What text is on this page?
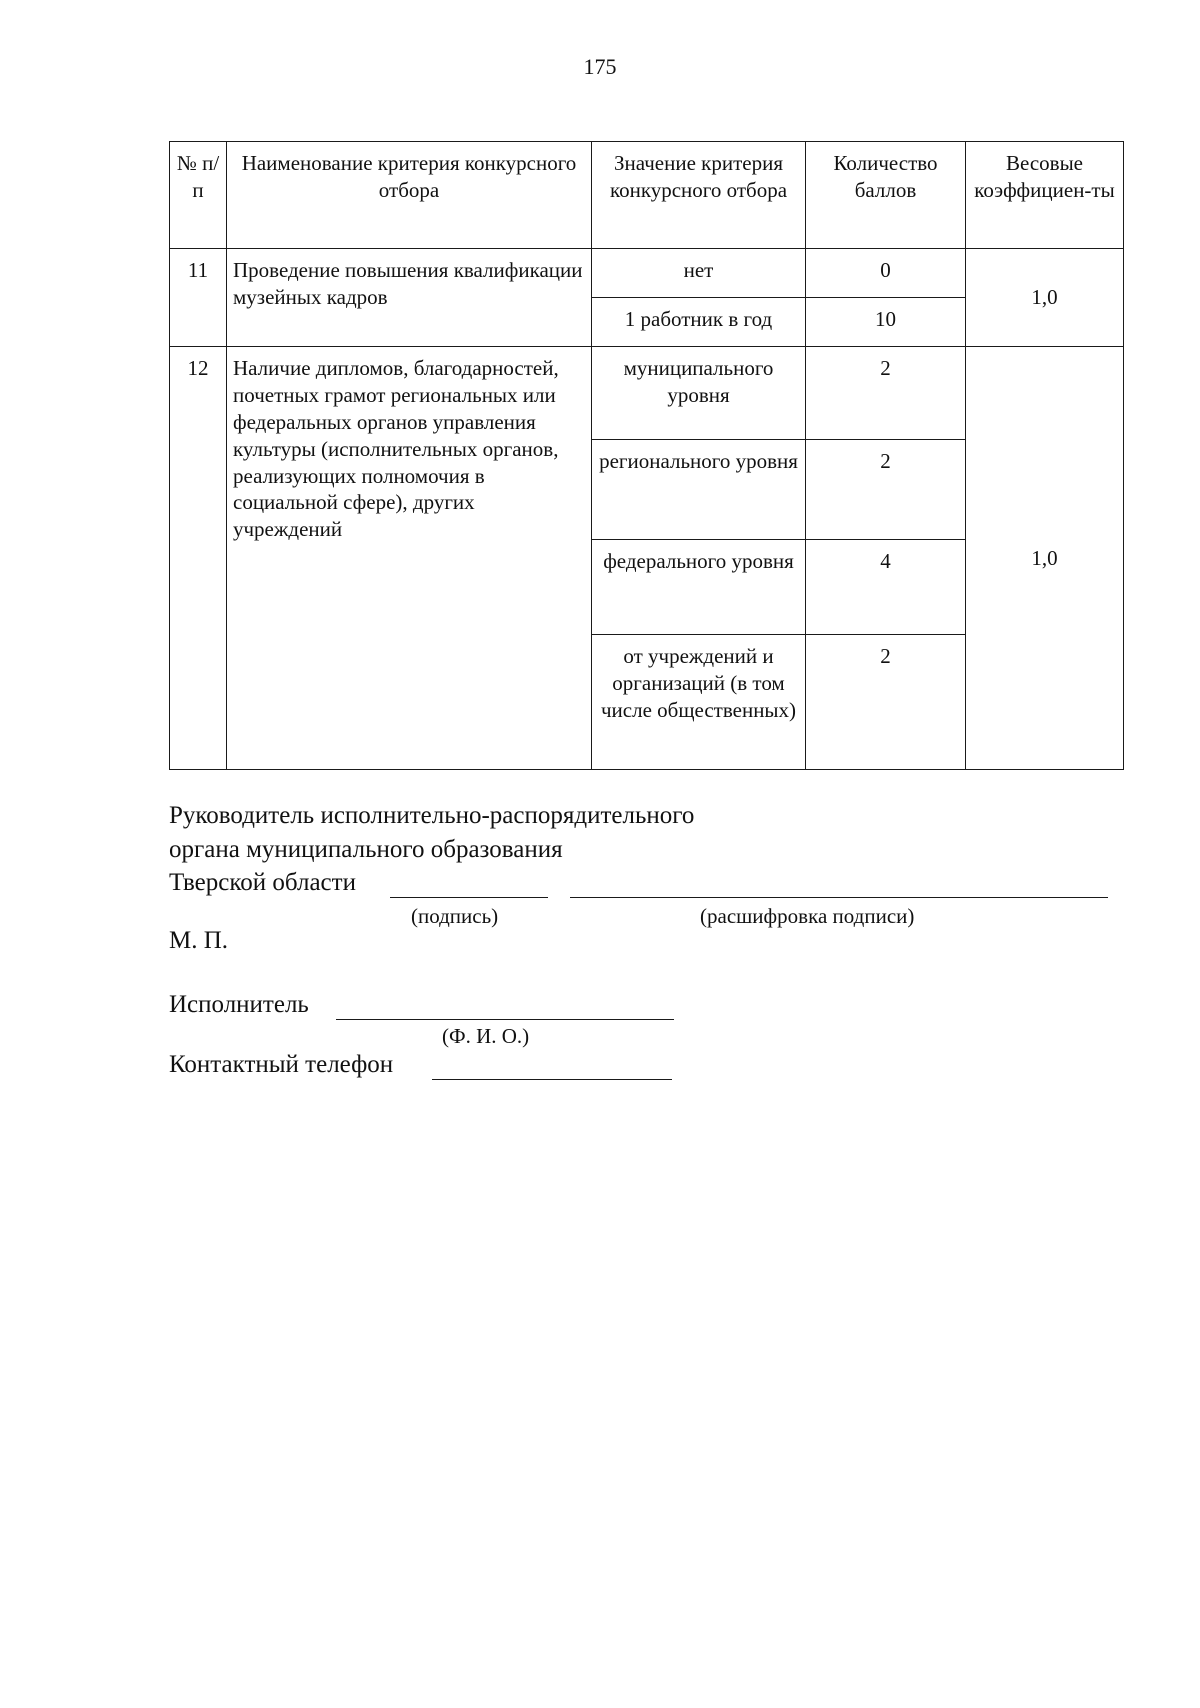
175
№ п/п	Наименование критерия конкурсного отбора	Значение критерия конкурсного отбора	Количество баллов	Весовые коэффициен-ты
11	Проведение повышения квалификации музейных кадров	нет	0	1,0
		1 работник в год	10	
12	Наличие дипломов, благодарностей, почетных грамот региональных или федеральных органов управления культуры (исполнительных органов, реализующих полномочия в социальной сфере), других учреждений	муниципального уровня	2	1,0
		регионального уровня	2	
		федерального уровня	4	
		от учреждений и организаций (в том числе общественных)	2	
Руководитель исполнительно-распорядительного
органа муниципального образования
Тверской области
(подпись)	(расшифровка подписи)
М. П.
Исполнитель
(Ф. И. О.)
Контактный телефон
